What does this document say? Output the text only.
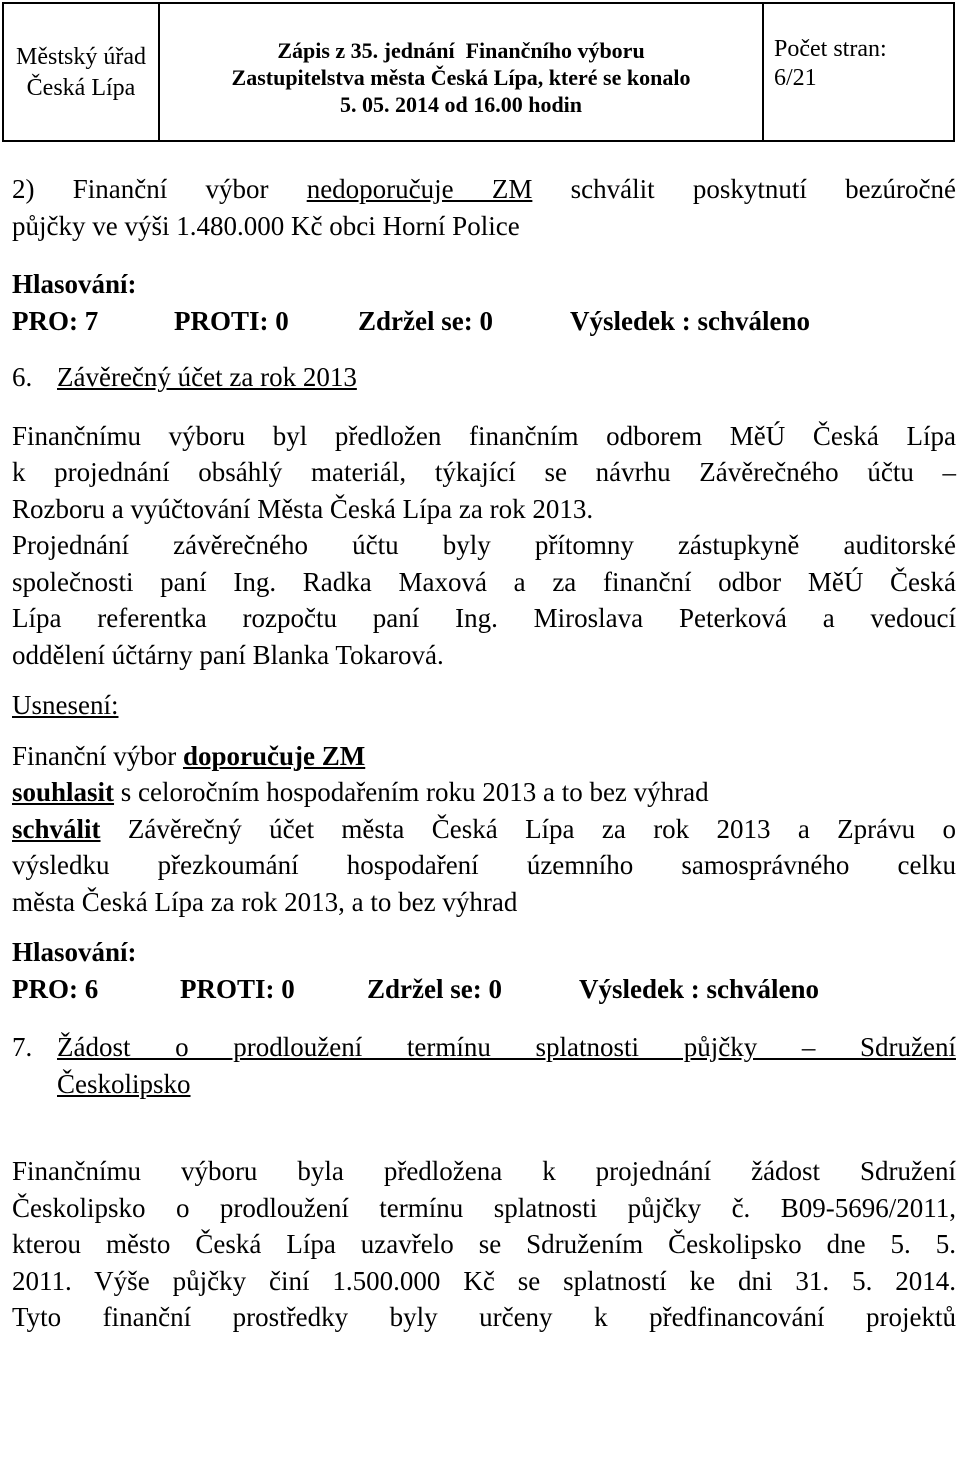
Městský úřad
Česká Lípa
Zápis z 35. jednání  Finančního výboru
Zastupitelstva města Česká Lípa, které se konalo
5. 05. 2014 od 16.00 hodin
Počet stran:
6/21
2) Finanční výbor nedoporučuje ZM schválit poskytnutí bezúročné
půjčky ve výši 1.480.000 Kč obci Horní Police
Hlasování:
PRO: 7	PROTI: 0	Zdržel se: 0	Výsledek : schváleno
6. Závěrečný účet za rok 2013
Finančnímu výboru byl předložen finančním odborem MěÚ Česká Lípa
k projednání obsáhlý materiál, týkající se návrhu Závěrečného účtu –
Rozboru a vyúčtování Města Česká Lípa za rok 2013.
Projednání závěrečného účtu byly přítomny zástupkyně auditorské
společnosti paní Ing. Radka Maxová a za finanční odbor MěÚ Česká
Lípa referentka rozpočtu paní Ing. Miroslava Peterková a vedoucí
oddělení účtárny paní Blanka Tokarová.
Usnesení:
Finanční výbor doporučuje ZM
souhlasit s celoročním hospodařením roku 2013 a to bez výhrad
schválit Závěrečný účet města Česká Lípa za rok 2013 a Zprávu o
výsledku přezkoumání hospodaření územního samosprávného celku
města Česká Lípa za rok 2013, a to bez výhrad
Hlasování:
PRO: 6	PROTI: 0	Zdržel se: 0	Výsledek : schváleno
7. Žádost o prodloužení termínu splatnosti půjčky – Sdružení
Českolipsko
Finančnímu výboru byla předložena k projednání žádost Sdružení
Českolipsko o prodloužení termínu splatnosti půjčky č. B09-5696/2011,
kterou město Česká Lípa uzavřelo se Sdružením Českolipsko dne 5. 5.
2011. Výše půjčky činí 1.500.000 Kč se splatností ke dni 31. 5. 2014.
Tyto finanční prostředky byly určeny k předfinancování projektů
